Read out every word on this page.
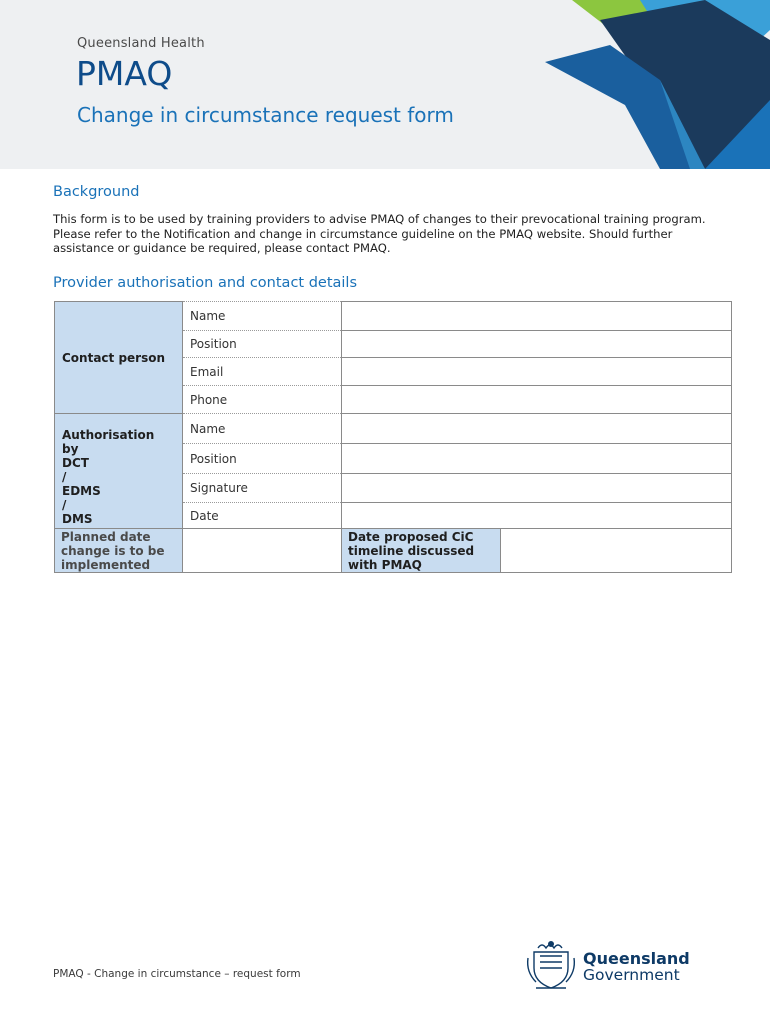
Queensland Health
PMAQ
Change in circumstance request form
Background
This form is to be used by training providers to advise PMAQ of changes to their prevocational training program. Please refer to the Notification and change in circumstance guideline on the PMAQ website. Should further assistance or guidance be required, please contact PMAQ.
Provider authorisation and contact details
Contact person	Name		
	Position		
	Email		
	Phone		
Authorisation by DCT / EDMS / DMS	Name		
	Position		
	Signature		
	Date		
Planned date change is to be implemented		Date proposed CiC timeline discussed with PMAQ	
PMAQ - Change in circumstance – request form
Queensland
Government
